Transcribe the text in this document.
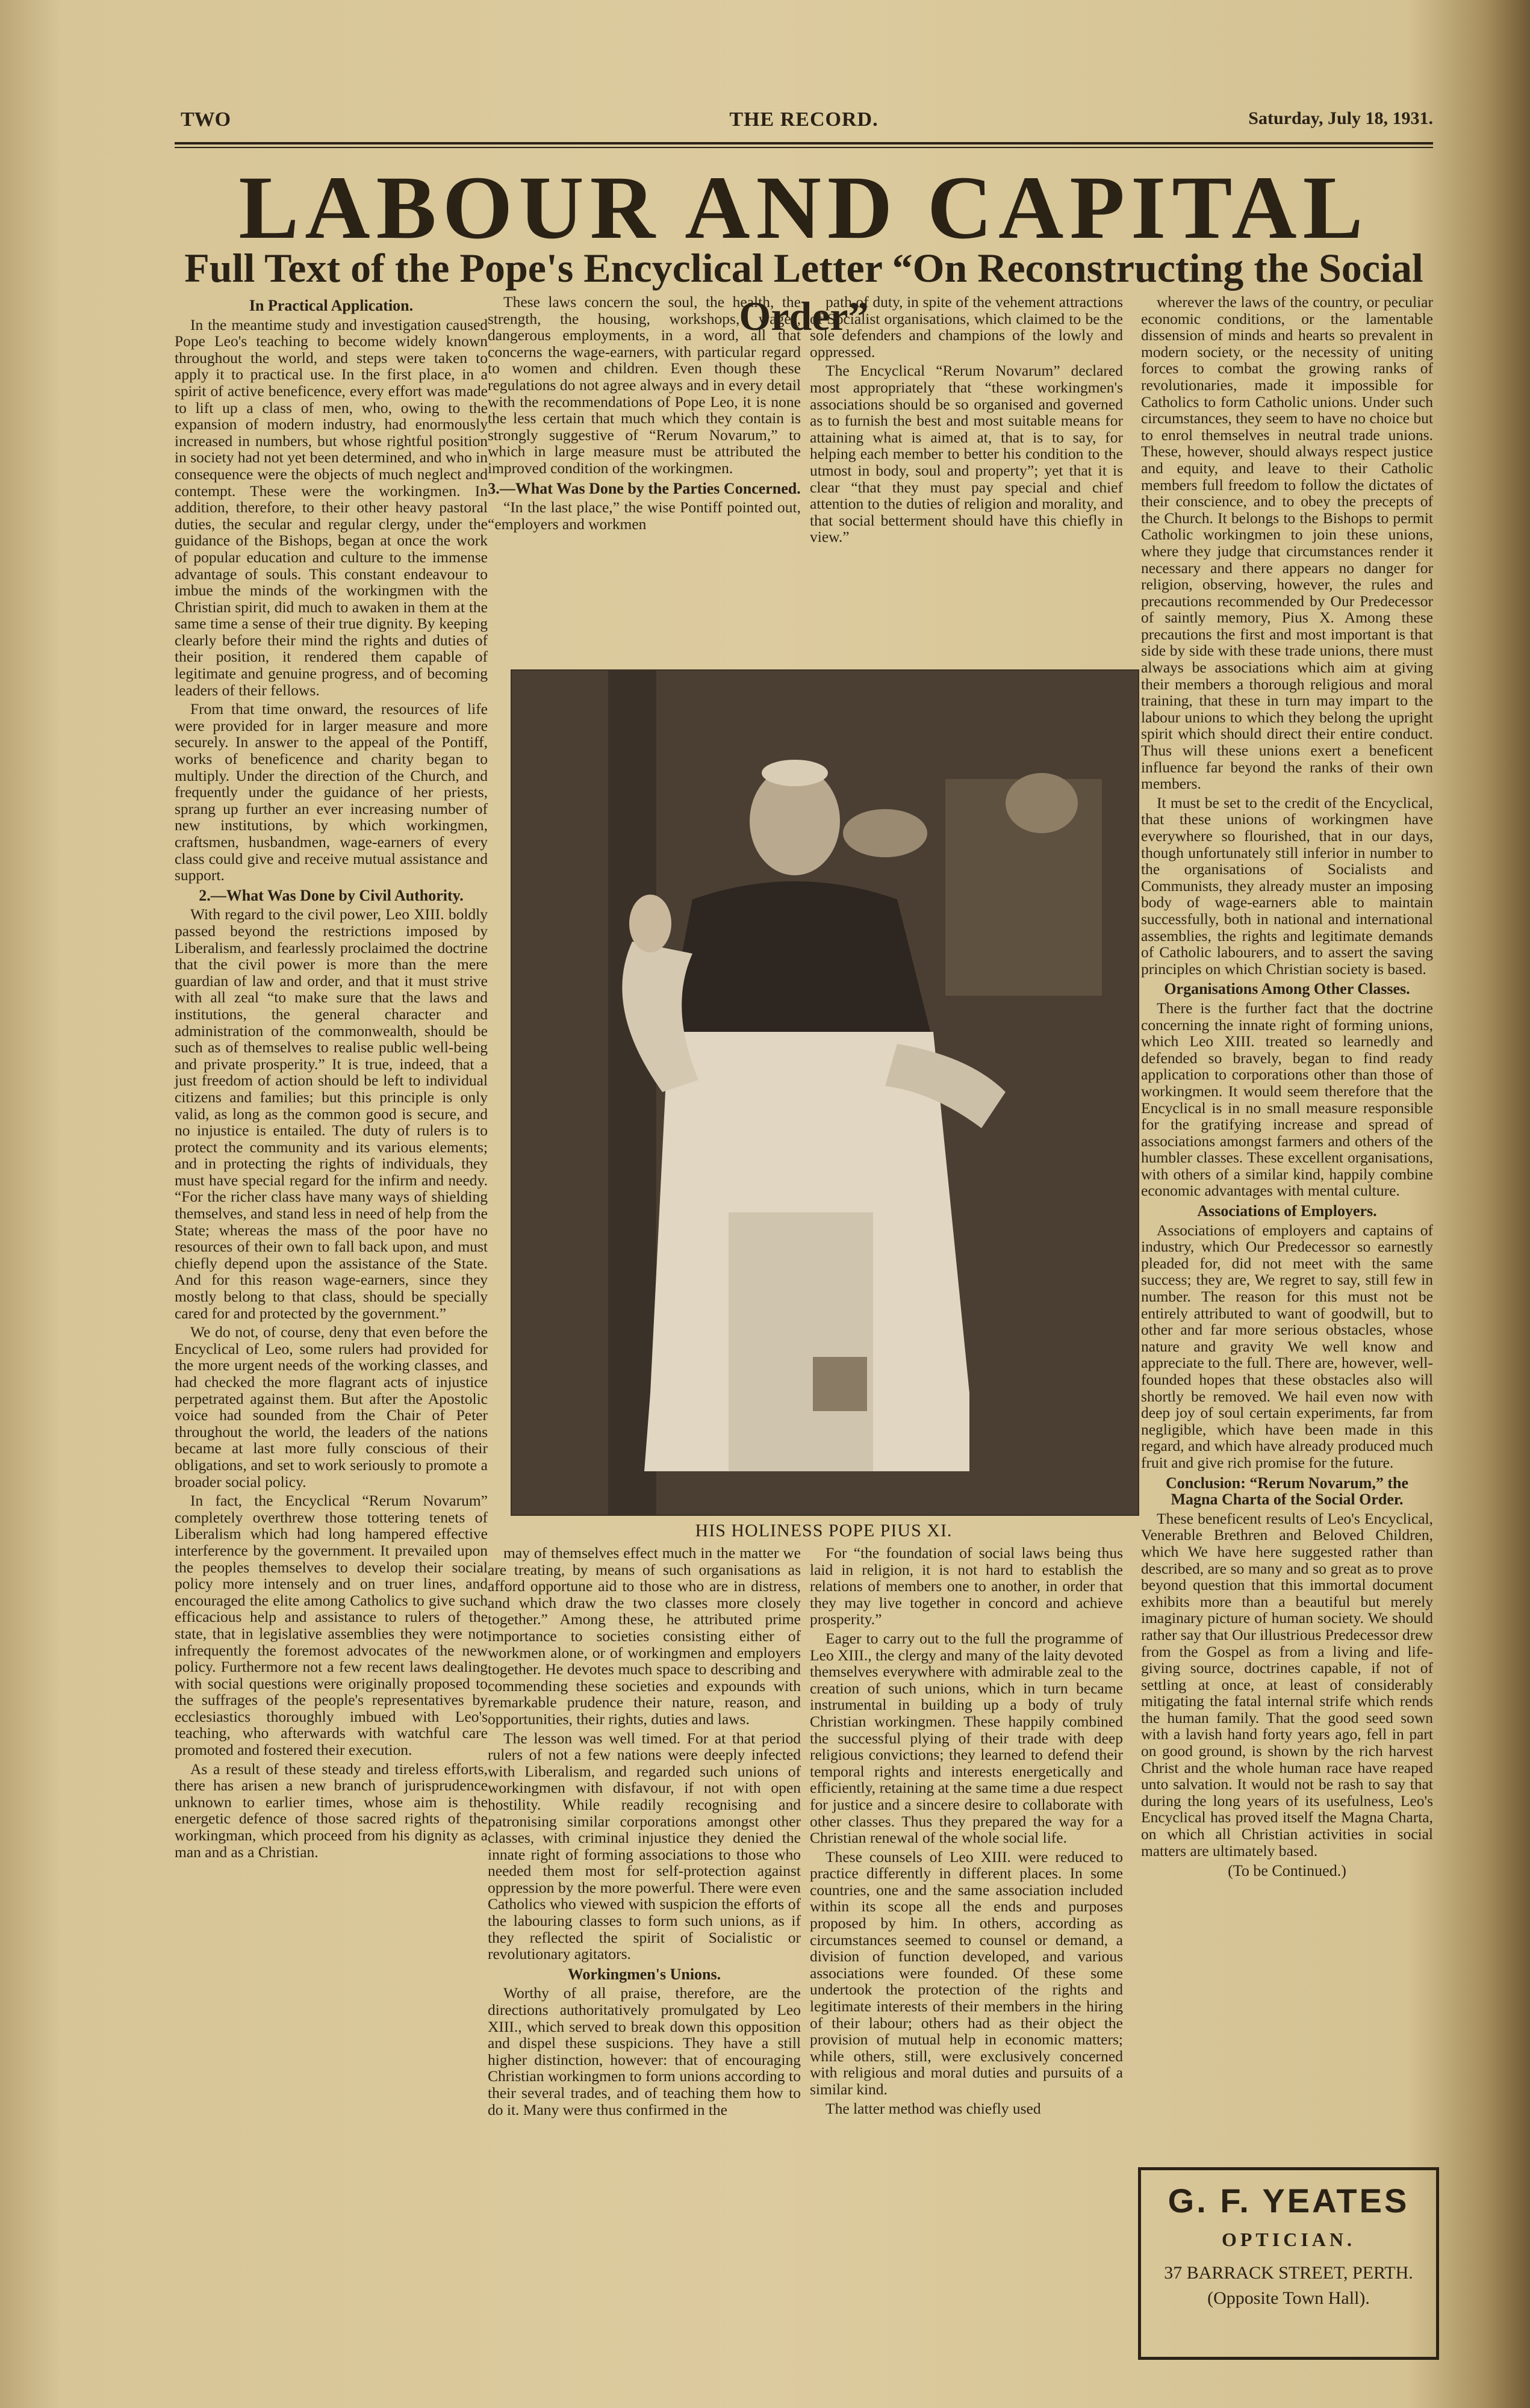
THE RECORD.
TWO	Saturday, July 18, 1931.
LABOUR AND CAPITAL
Full Text of the Pope's Encyclical Letter “On Reconstructing the Social Order”
In Practical Application.

In the meantime study and investigation caused Pope Leo's teaching to become widely known throughout the world, and steps were taken to apply it to practical use. In the first place, in a spirit of active beneficence, every effort was made to lift up a class of men, who, owing to the expansion of modern industry, had enormously increased in numbers, but whose rightful position in society had not yet been determined, and who in consequence were the objects of much neglect and contempt. These were the workingmen. In addition, therefore, to their other heavy pastoral duties, the secular and regular clergy, under the guidance of the Bishops, began at once the work of popular education and culture to the immense advantage of souls. This constant endeavour to imbue the minds of the workingmen with the Christian spirit, did much to awaken in them at the same time a sense of their true dignity. By keeping clearly before their mind the rights and duties of their position, it rendered them capable of legitimate and genuine progress, and of becoming leaders of their fellows.

From that time onward, the resources of life were provided for in larger measure and more securely. In answer to the appeal of the Pontiff, works of beneficence and charity began to multiply. Under the direction of the Church, and frequently under the guidance of her priests, sprang up further an ever increasing number of new institutions, by which workingmen, craftsmen, husbandmen, wage-earners of every class could give and receive mutual assistance and support.

2.—What Was Done by Civil Authority.

With regard to the civil power, Leo XIII. boldly passed beyond the restrictions imposed by Liberalism, and fearlessly proclaimed the doctrine that the civil power is more than the mere guardian of law and order, and that it must strive with all zeal “to make sure that the laws and institutions, the general character and administration of the commonwealth, should be such as of themselves to realise public well-being and private prosperity.” It is true, indeed, that a just freedom of action should be left to individual citizens and families; but this principle is only valid, as long as the common good is secure, and no injustice is entailed. The duty of rulers is to protect the community and its various elements; and in protecting the rights of individuals, they must have special regard for the infirm and needy. “For the richer class have many ways of shielding themselves, and stand less in need of help from the State; whereas the mass of the poor have no resources of their own to fall back upon, and must chiefly depend upon the assistance of the State. And for this reason wage-earners, since they mostly belong to that class, should be specially cared for and protected by the government.”

We do not, of course, deny that even before the Encyclical of Leo, some rulers had provided for the more urgent needs of the working classes, and had checked the more flagrant acts of injustice perpetrated against them. But after the Apostolic voice had sounded from the Chair of Peter throughout the world, the leaders of the nations became at last more fully conscious of their obligations, and set to work seriously to promote a broader social policy.

In fact, the Encyclical “Rerum Novarum” completely overthrew those tottering tenets of Liberalism which had long hampered effective interference by the government. It prevailed upon the peoples themselves to develop their social policy more intensely and on truer lines, and encouraged the elite among Catholics to give such efficacious help and assistance to rulers of the state, that in legislative assemblies they were not infrequently the foremost advocates of the new policy. Furthermore not a few recent laws dealing with social questions were originally proposed to the suffrages of the people's representatives by ecclesiastics thoroughly imbued with Leo's teaching, who afterwards with watchful care promoted and fostered their execution.

As a result of these steady and tireless efforts, there has arisen a new branch of jurisprudence unknown to earlier times, whose aim is the energetic defence of those sacred rights of the workingman, which proceed from his dignity as a man and as a Christian.

These laws concern the soul, the health, the strength, the housing, workshops, wages, dangerous employments, in a word, all that concerns the wage-earners, with particular regard to women and children. Even though these regulations do not agree always and in every detail with the recommendations of Pope Leo, it is none the less certain that much which they contain is strongly suggestive of “Rerum Novarum,” to which in large measure must be attributed the improved condition of the workingmen.

3.—What Was Done by the Parties Concerned.

“In the last place,” the wise Pontiff pointed out, “employers and workmen

path of duty, in spite of the vehement attractions of Socialist organisations, which claimed to be the sole defenders and champions of the lowly and oppressed.

The Encyclical “Rerum Novarum” declared most appropriately that “these workingmen's associations should be so organised and governed as to furnish the best and most suitable means for attaining what is aimed at, that is to say, for helping each member to better his condition to the utmost in body, soul and property”; yet that it is clear “that they must pay special and chief attention to the duties of religion and morality, and that social betterment should have this chiefly in view.”

HIS HOLINESS POPE PIUS XI.

may of themselves effect much in the matter we are treating, by means of such organisations as afford opportune aid to those who are in distress, and which draw the two classes more closely together.” Among these, he attributed prime importance to societies consisting either of workmen alone, or of workingmen and employers together. He devotes much space to describing and commending these societies and expounds with remarkable prudence their nature, reason, and opportunities, their rights, duties and laws.

The lesson was well timed. For at that period rulers of not a few nations were deeply infected with Liberalism, and regarded such unions of workingmen with disfavour, if not with open hostility. While readily recognising and patronising similar corporations amongst other classes, with criminal injustice they denied the innate right of forming associations to those who needed them most for self-protection against oppression by the more powerful. There were even Catholics who viewed with suspicion the efforts of the labouring classes to form such unions, as if they reflected the spirit of Socialistic or revolutionary agitators.

Workingmen's Unions.

Worthy of all praise, therefore, are the directions authoritatively promulgated by Leo XIII., which served to break down this opposition and dispel these suspicions. They have a still higher distinction, however: that of encouraging Christian workingmen to form unions according to their several trades, and of teaching them how to do it. Many were thus confirmed in the

For “the foundation of social laws being thus laid in religion, it is not hard to establish the relations of members one to another, in order that they may live together in concord and achieve prosperity.”

Eager to carry out to the full the programme of Leo XIII., the clergy and many of the laity devoted themselves everywhere with admirable zeal to the creation of such unions, which in turn became instrumental in building up a body of truly Christian workingmen. These happily combined the successful plying of their trade with deep religious convictions; they learned to defend their temporal rights and interests energetically and efficiently, retaining at the same time a due respect for justice and a sincere desire to collaborate with other classes. Thus they prepared the way for a Christian renewal of the whole social life.

These counsels of Leo XIII. were reduced to practice differently in different places. In some countries, one and the same association included within its scope all the ends and purposes proposed by him. In others, according as circumstances seemed to counsel or demand, a division of function developed, and various associations were founded. Of these some undertook the protection of the rights and legitimate interests of their members in the hiring of their labour; others had as their object the provision of mutual help in economic matters; while others, still, were exclusively concerned with religious and moral duties and pursuits of a similar kind.

The latter method was chiefly used

wherever the laws of the country, or peculiar economic conditions, or the lamentable dissension of minds and hearts so prevalent in modern society, or the necessity of uniting forces to combat the growing ranks of revolutionaries, made it impossible for Catholics to form Catholic unions. Under such circumstances, they seem to have no choice but to enrol themselves in neutral trade unions. These, however, should always respect justice and equity, and leave to their Catholic members full freedom to follow the dictates of their conscience, and to obey the precepts of the Church. It belongs to the Bishops to permit Catholic workingmen to join these unions, where they judge that circumstances render it necessary and there appears no danger for religion, observing, however, the rules and precautions recommended by Our Predecessor of saintly memory, Pius X. Among these precautions the first and most important is that side by side with these trade unions, there must always be associations which aim at giving their members a thorough religious and moral training, that these in turn may impart to the labour unions to which they belong the upright spirit which should direct their entire conduct. Thus will these unions exert a beneficent influence far beyond the ranks of their own members.

It must be set to the credit of the Encyclical, that these unions of workingmen have everywhere so flourished, that in our days, though unfortunately still inferior in number to the organisations of Socialists and Communists, they already muster an imposing body of wage-earners able to maintain successfully, both in national and international assemblies, the rights and legitimate demands of Catholic labourers, and to assert the saving principles on which Christian society is based.

Organisations Among Other Classes.

There is the further fact that the doctrine concerning the innate right of forming unions, which Leo XIII. treated so learnedly and defended so bravely, began to find ready application to corporations other than those of workingmen. It would seem therefore that the Encyclical is in no small measure responsible for the gratifying increase and spread of associations amongst farmers and others of the humbler classes. These excellent organisations, with others of a similar kind, happily combine economic advantages with mental culture.

Associations of Employers.

Associations of employers and captains of industry, which Our Predecessor so earnestly pleaded for, did not meet with the same success; they are, We regret to say, still few in number. The reason for this must not be entirely attributed to want of goodwill, but to other and far more serious obstacles, whose nature and gravity We well know and appreciate to the full. There are, however, well-founded hopes that these obstacles also will shortly be removed. We hail even now with deep joy of soul certain experiments, far from negligible, which have been made in this regard, and which have already produced much fruit and give rich promise for the future.

Conclusion: “Rerum Novarum,” the Magna Charta of the Social Order.

These beneficent results of Leo's Encyclical, Venerable Brethren and Beloved Children, which We have here suggested rather than described, are so many and so great as to prove beyond question that this immortal document exhibits more than a beautiful but merely imaginary picture of human society. We should rather say that Our illustrious Predecessor drew from the Gospel as from a living and life-giving source, doctrines capable, if not of settling at once, at least of considerably mitigating the fatal internal strife which rends the human family. That the good seed sown with a lavish hand forty years ago, fell in part on good ground, is shown by the rich harvest Christ and the whole human race have reaped unto salvation. It would not be rash to say that during the long years of its usefulness, Leo's Encyclical has proved itself the Magna Charta, on which all Christian activities in social matters are ultimately based.

(To be Continued.)
G. F. YEATES
OPTICIAN.
37 BARRACK STREET, PERTH.
(Opposite Town Hall).
